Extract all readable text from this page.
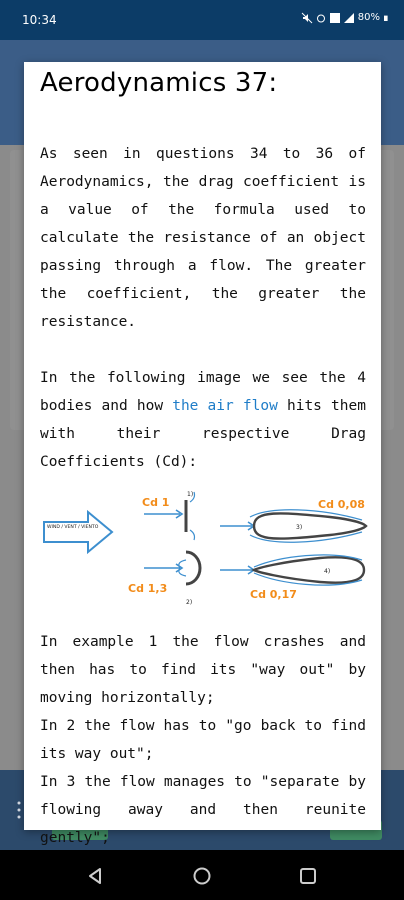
10:34	80%
Aerodynamics 37:

As seen in questions 34 to 36 of Aerodynamics, the drag coefficient is a value of the formula used to calculate the resistance of an object passing through a flow. The greater the coefficient, the greater the resistance.

In the following image we see the 4 bodies and how the air flow hits them with their respective Drag Coefficients (Cd):

WIND / VENT / VIENTO
Cd 1
1)
Cd 1,3
2)
Cd 0,08
3)
Cd 0,17
4)

In example 1 the flow crashes and then has to find its "way out" by moving horizontally;

In 2 the flow has to "go back to find its way out";

In 3 the flow manages to "separate by flowing away and then reunite gently";
